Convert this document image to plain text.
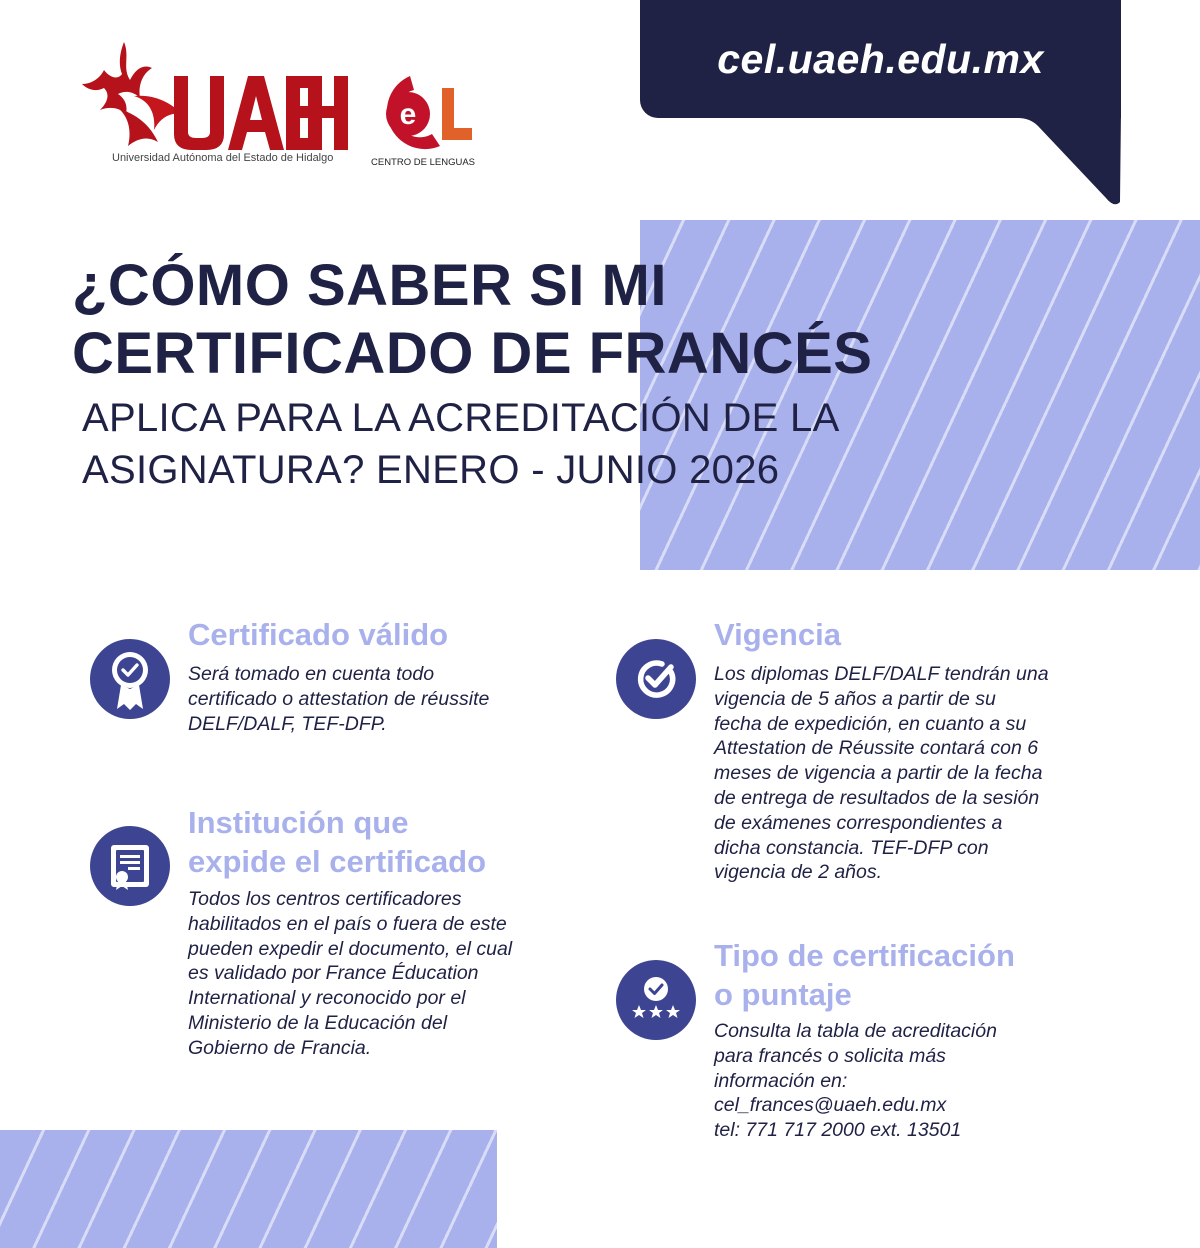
cel.uaeh.edu.mx
R
Universidad Autónoma del Estado de Hidalgo
e
CENTRO DE LENGUAS
¿CÓMO SABER SI MI
CERTIFICADO DE FRANCÉS
APLICA PARA LA ACREDITACIÓN DE LA
ASIGNATURA? ENERO - JUNIO 2026
Certificado válido
Será tomado en cuenta todo
certificado o attestation de réussite
DELF/DALF, TEF-DFP.
Institución que
expide el certificado
Todos los centros certificadores
habilitados en el país o fuera de este
pueden expedir el documento, el cual
es validado por France Éducation
International y reconocido por el
Ministerio de la Educación del
Gobierno de Francia.
Vigencia
Los diplomas DELF/DALF tendrán una
vigencia de 5 años a partir de su
fecha de expedición, en cuanto a su
Attestation de Réussite contará con 6
meses de vigencia a partir de la fecha
de entrega de resultados de la sesión
de exámenes correspondientes a
dicha constancia. TEF-DFP con
vigencia de 2 años.
Tipo de certificación
o puntaje
Consulta la tabla de acreditación
para francés o solicita más
información en:
cel_frances@uaeh.edu.mx
tel: 771 717 2000 ext. 13501
